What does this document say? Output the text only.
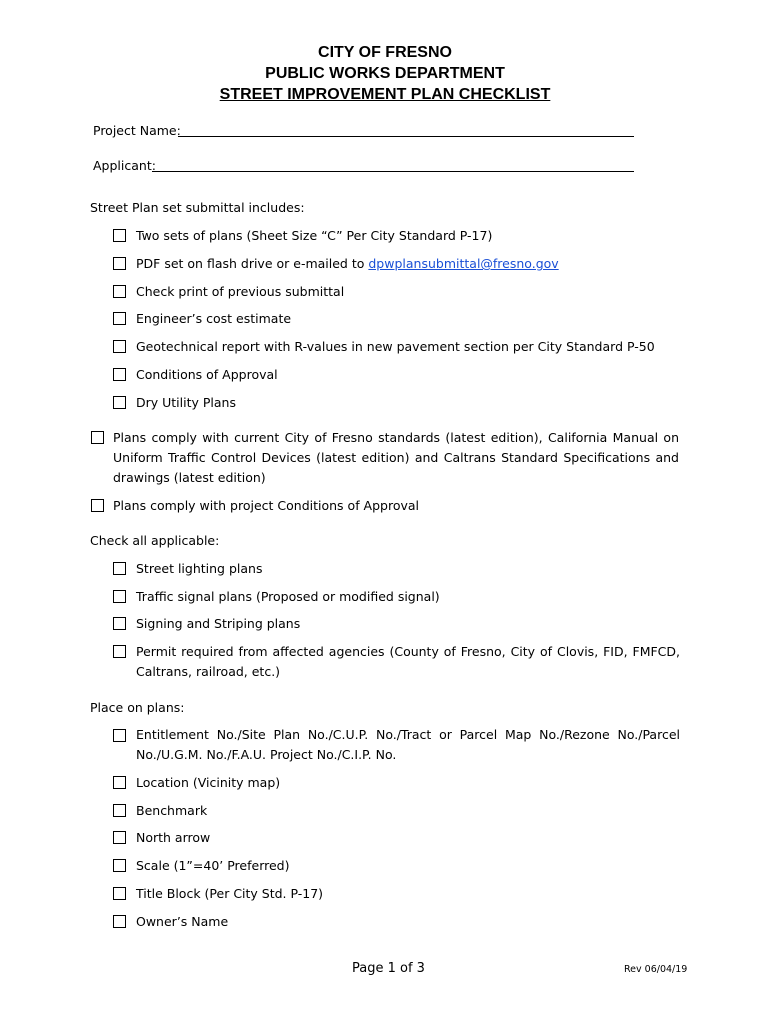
CITY OF FRESNO
PUBLIC WORKS DEPARTMENT
STREET IMPROVEMENT PLAN CHECKLIST
Project Name:
Applicant:
Street Plan set submittal includes:
Two sets of plans (Sheet Size “C” Per City Standard P-17)
PDF set on flash drive or e-mailed to dpwplansubmittal@fresno.gov
Check print of previous submittal
Engineer’s cost estimate
Geotechnical report with R-values in new pavement section per City Standard P-50
Conditions of Approval
Dry Utility Plans
Plans comply with current City of Fresno standards (latest edition), California Manual on Uniform Traffic Control Devices (latest edition) and Caltrans Standard Specifications and drawings (latest edition)
Plans comply with project Conditions of Approval
Check all applicable:
Street lighting plans
Traffic signal plans (Proposed or modified signal)
Signing and Striping plans
Permit required from affected agencies (County of Fresno, City of Clovis, FID, FMFCD, Caltrans, railroad, etc.)
Place on plans:
Entitlement No./Site Plan No./C.U.P. No./Tract or Parcel Map No./Rezone No./Parcel No./U.G.M. No./F.A.U. Project No./C.I.P. No.
Location (Vicinity map)
Benchmark
North arrow
Scale (1”=40’ Preferred)
Title Block (Per City Std. P-17)
Owner’s Name
Page 1 of 3	Rev 06/04/19
